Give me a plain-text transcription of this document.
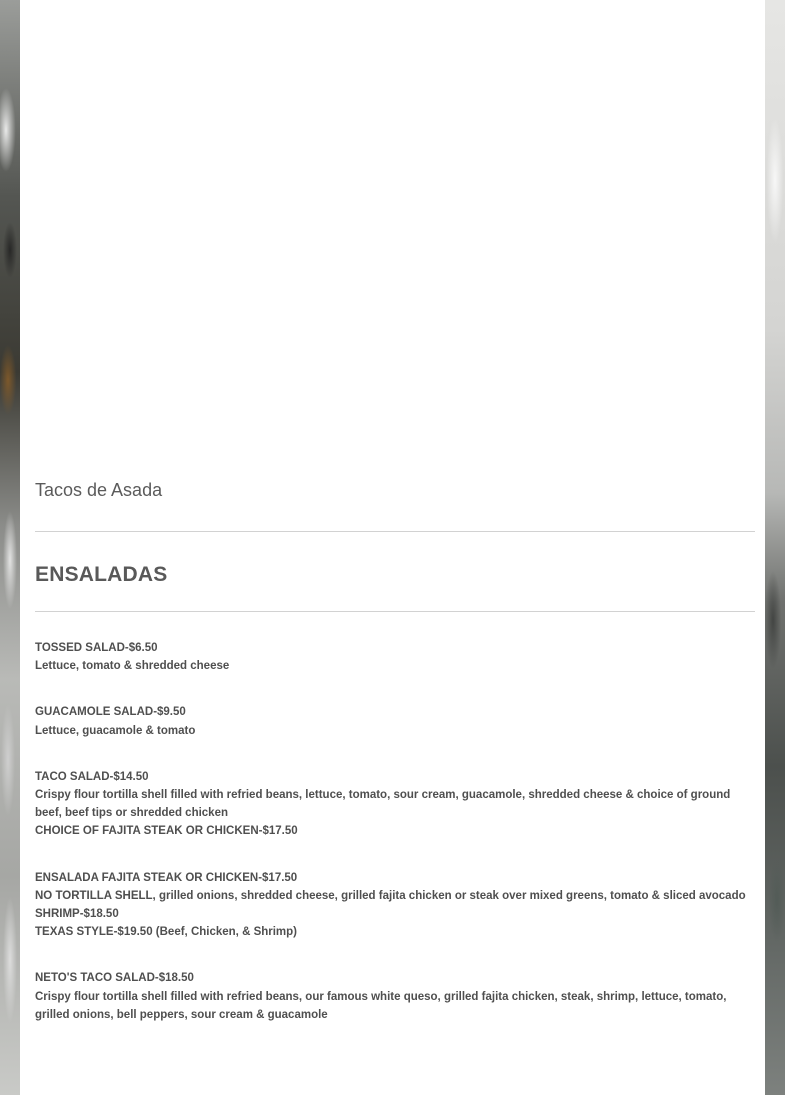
Tacos de Asada

ENSALADAS

TOSSED SALAD-$6.50

Lettuce, tomato & shredded cheese

GUACAMOLE SALAD-$9.50

Lettuce, guacamole & tomato

TACO SALAD-$14.50

Crispy flour tortilla shell filled with refried beans, lettuce, tomato, sour cream, guacamole, shredded cheese & choice of ground beef, beef tips or shredded chicken

CHOICE OF FAJITA STEAK OR CHICKEN-$17.50

ENSALADA FAJITA STEAK OR CHICKEN-$17.50

NO TORTILLA SHELL, grilled onions, shredded cheese, grilled fajita chicken or steak over mixed greens, tomato & sliced avocado

SHRIMP-$18.50

TEXAS STYLE-$19.50 (Beef, Chicken, & Shrimp)

NETO'S TACO SALAD-$18.50

Crispy flour tortilla shell filled with refried beans, our famous white queso, grilled fajita chicken, steak, shrimp, lettuce, tomato, grilled onions, bell peppers, sour cream & guacamole
